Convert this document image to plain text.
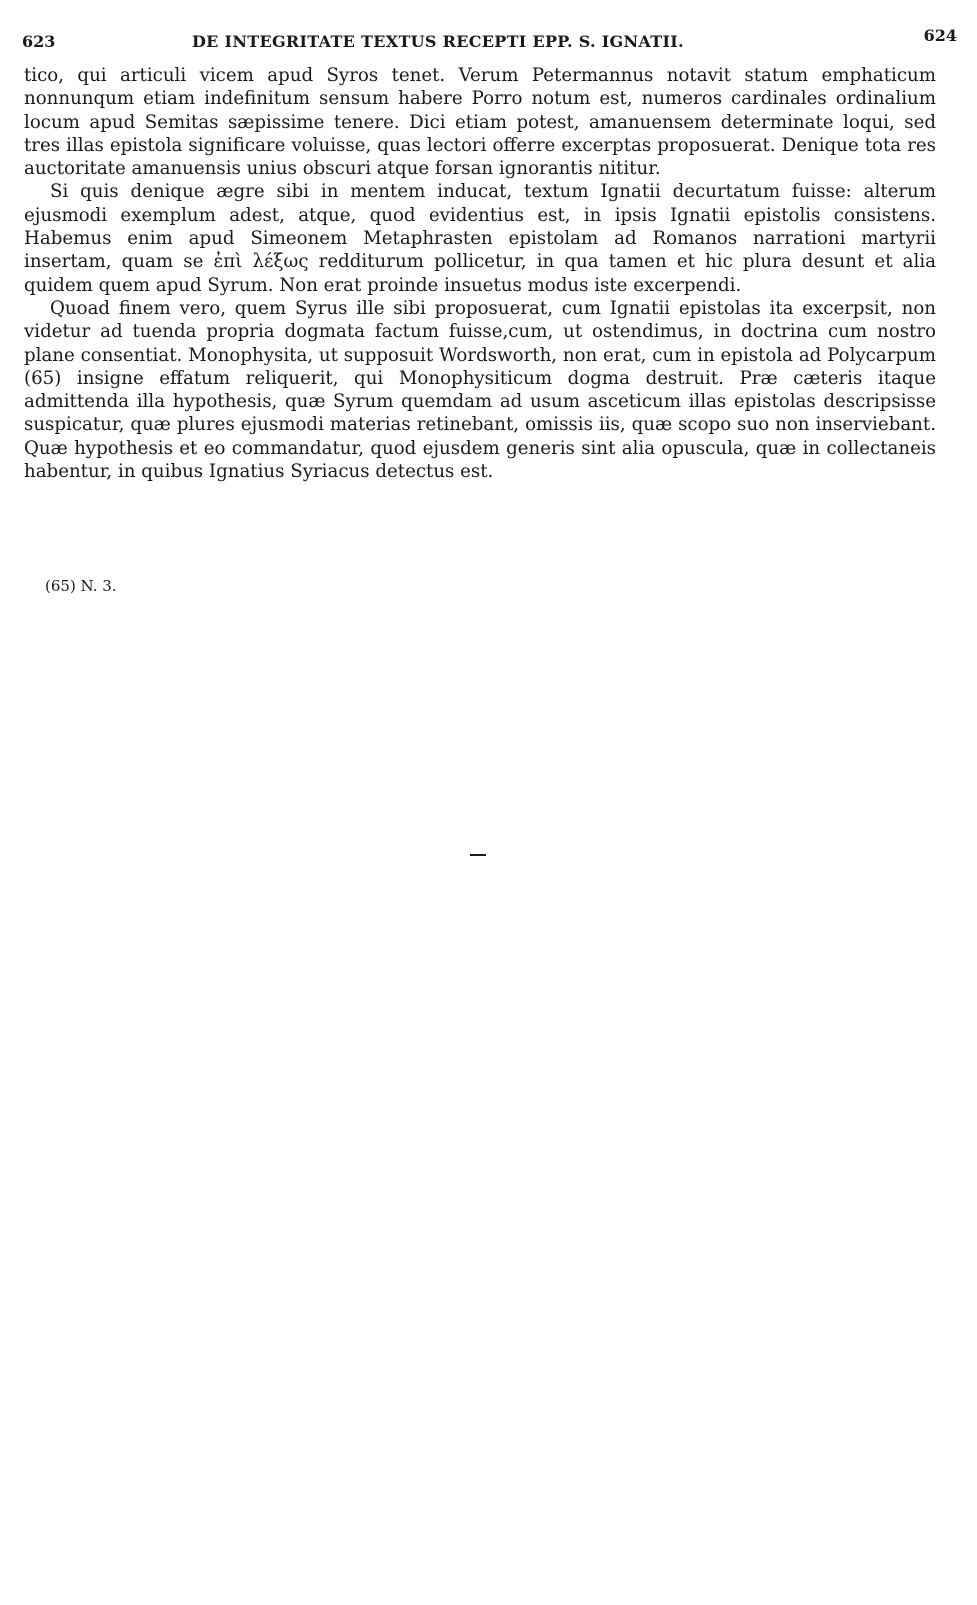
623	DE INTEGRITATE TEXTUS RECEPTI EPP. S. IGNATII.	624

tico, qui articuli vicem apud Syros tenet. Verum Petermannus notavit statum emphaticum nonnunqum etiam indefinitum sensum habere Porro notum est, numeros cardinales ordinalium locum apud Semitas sæpissime tenere. Dici etiam potest, amanuensem determinate loqui, sed tres illas epistola significare voluisse, quas lectori offerre excerptas proposuerat. Denique tota res auctoritate amanuensis unius obscuri atque forsan ignorantis nititur.

Si quis denique ægre sibi in mentem inducat, textum Ignatii decurtatum fuisse: alterum ejusmodi exemplum adest, atque, quod evidentius est, in ipsis Ignatii epistolis consistens. Habemus enim apud Simeonem Metaphrasten epistolam ad Romanos narrationi martyrii insertam, quam se ἐπὶ λέξως redditurum pollicetur, in qua tamen et hic plura desunt et alia quidem quem apud Syrum. Non erat proinde insuetus modus iste excerpendi.

Quoad finem vero, quem Syrus ille sibi proposuerat, cum Ignatii epistolas ita excerpsit, non videtur ad tuenda propria dogmata factum fuisse,cum, ut ostendimus, in doctrina cum nostro plane consentiat. Monophysita, ut supposuit Wordsworth, non erat, cum in epistola ad Polycarpum (65) insigne effatum reliquerit, qui Monophysiticum dogma destruit. Præ cæteris itaque admittenda illa hypothesis, quæ Syrum quemdam ad usum asceticum illas epistolas descripsisse suspicatur, quæ plures ejusmodi materias retinebant, omissis iis, quæ scopo suo non inserviebant. Quæ hypothesis et eo commandatur, quod ejusdem generis sint alia opuscula, quæ in collectaneis habentur, in quibus Ignatius Syriacus detectus est.

(65) N. 3.
